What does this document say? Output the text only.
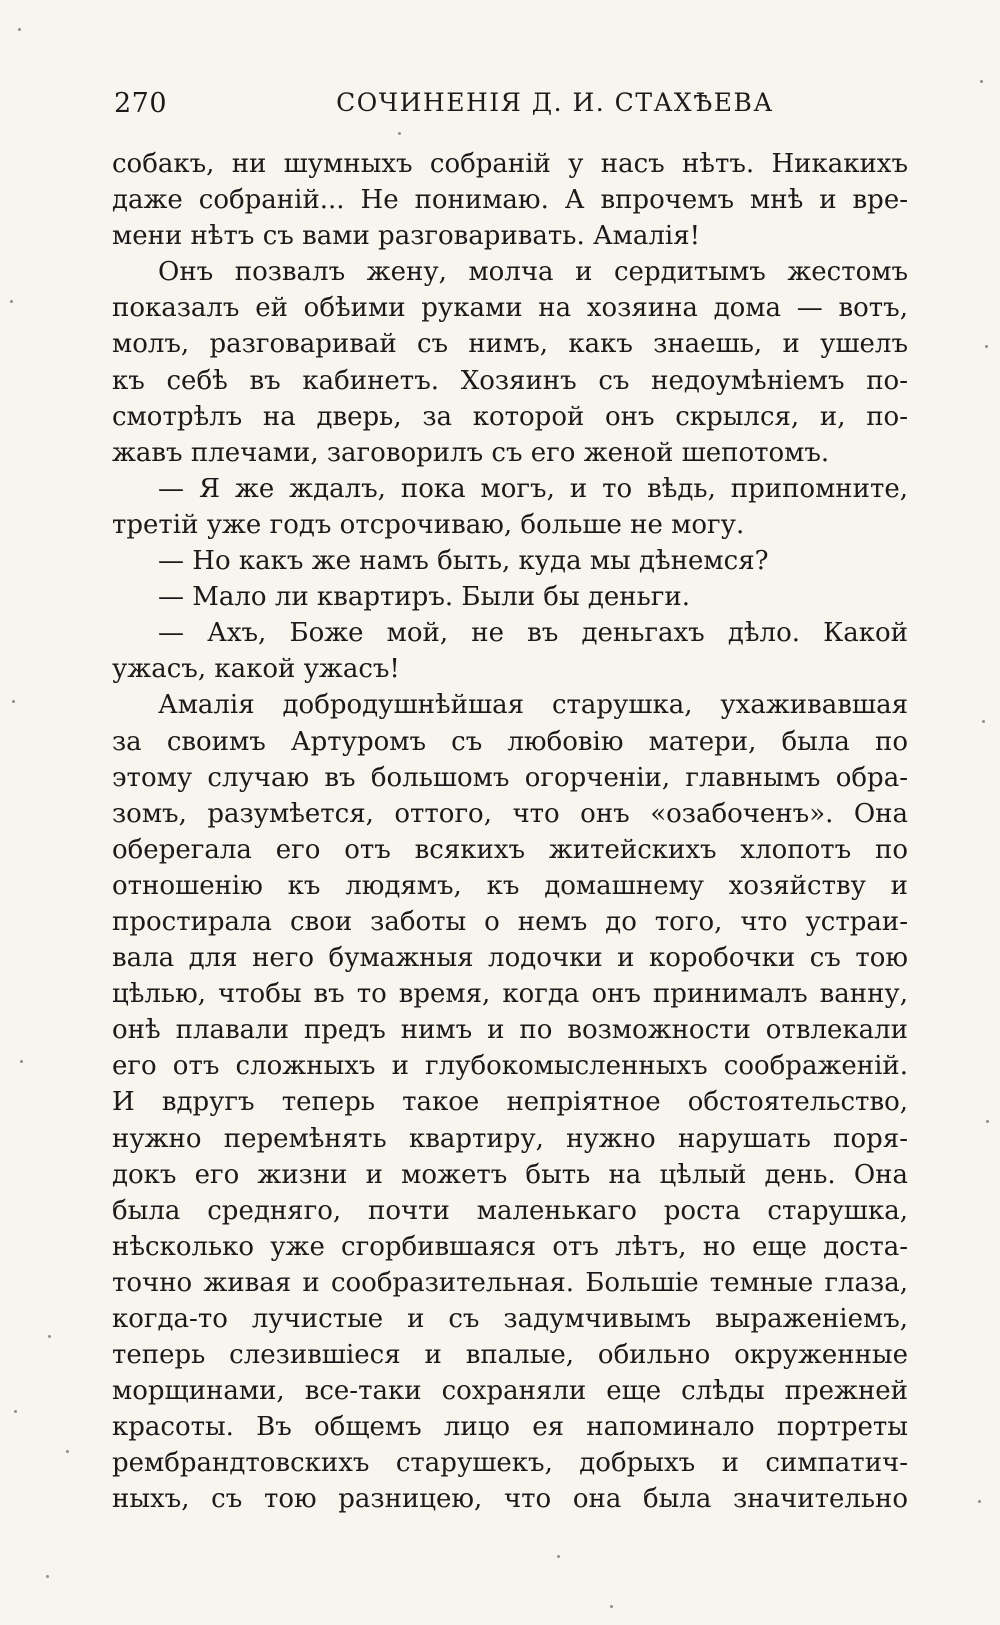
270	СОЧИНЕНІЯ Д. И. СТАХѢЕВА
собакъ, ни шумныхъ собраній у насъ нѣтъ. Никакихъ
даже собраній... Не понимаю. А впрочемъ мнѣ и вре-
мени нѣтъ съ вами разговаривать. Амалія!
Онъ позвалъ жену, молча и сердитымъ жестомъ
показалъ ей обѣими руками на хозяина дома — вотъ,
молъ, разговаривай съ нимъ, какъ знаешь, и ушелъ
къ себѣ въ кабинетъ. Хозяинъ съ недоумѣніемъ по-
смотрѣлъ на дверь, за которой онъ скрылся, и, по-
жавъ плечами, заговорилъ съ его женой шепотомъ.
— Я же ждалъ, пока могъ, и то вѣдь, припомните,
третій уже годъ отсрочиваю, больше не могу.
— Но какъ же намъ быть, куда мы дѣнемся?
— Мало ли квартиръ. Были бы деньги.
— Ахъ, Боже мой, не въ деньгахъ дѣло. Какой
ужасъ, какой ужасъ!
Амалія добродушнѣйшая старушка, ухаживавшая
за своимъ Артуромъ съ любовію матери, была по
этому случаю въ большомъ огорченіи, главнымъ обра-
зомъ, разумѣется, оттого, что онъ «озабоченъ». Она
оберегала его отъ всякихъ житейскихъ хлопотъ по
отношенію къ людямъ, къ домашнему хозяйству и
простирала свои заботы о немъ до того, что устраи-
вала для него бумажныя лодочки и коробочки съ тою
цѣлью, чтобы въ то время, когда онъ принималъ ванну,
онѣ плавали предъ нимъ и по возможности отвлекали
его отъ сложныхъ и глубокомысленныхъ соображеній.
И вдругъ теперь такое непріятное обстоятельство,
нужно перемѣнять квартиру, нужно нарушать поря-
докъ его жизни и можетъ быть на цѣлый день. Она
была средняго, почти маленькаго роста старушка,
нѣсколько уже сгорбившаяся отъ лѣтъ, но еще доста-
точно живая и сообразительная. Большіе темные глаза,
когда-то лучистые и съ задумчивымъ выраженіемъ,
теперь слезившіеся и впалые, обильно окруженные
морщинами, все-таки сохраняли еще слѣды прежней
красоты. Въ общемъ лицо ея напоминало портреты
рембрандтовскихъ старушекъ, добрыхъ и симпатич-
ныхъ, съ тою разницею, что она была значительно
